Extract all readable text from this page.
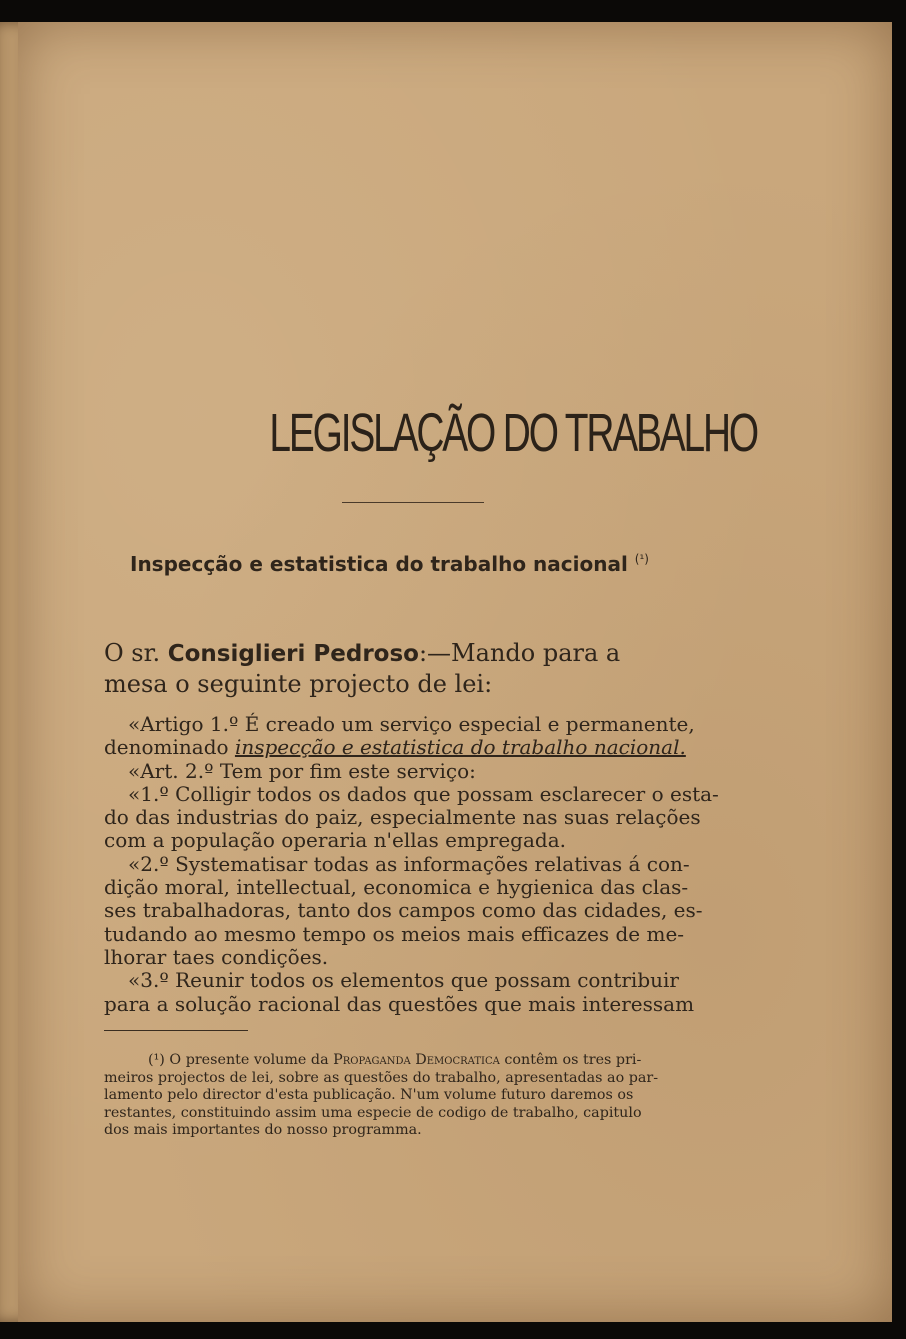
LEGISLAÇÃO DO TRABALHO
Inspecção e estatistica do trabalho nacional $^{(^1)}$
O sr. Consiglieri Pedroso:—Mando para a
mesa o seguinte projecto de lei:
«Artigo 1.º É creado um serviço especial e permanente,
denominado inspecção e estatistica do trabalho nacional.
«Art. 2.º Tem por fim este serviço:
«1.º Colligir todos os dados que possam esclarecer o esta-
do das industrias do paiz, especialmente nas suas relações
com a população operaria n'ellas empregada.
«2.º Systematisar todas as informações relativas á con-
dição moral, intellectual, economica e hygienica das clas-
ses trabalhadoras, tanto dos campos como das cidades, es-
tudando ao mesmo tempo os meios mais efficazes de me-
lhorar taes condições.
«3.º Reunir todos os elementos que possam contribuir
para a solução racional das questões que mais interessam
(¹) O presente volume da Propaganda Democratica contêm os tres pri-
meiros projectos de lei, sobre as questões do trabalho, apresentadas ao par-
lamento pelo director d'esta publicação. N'um volume futuro daremos os
restantes, constituindo assim uma especie de codigo de trabalho, capitulo
dos mais importantes do nosso programma.
